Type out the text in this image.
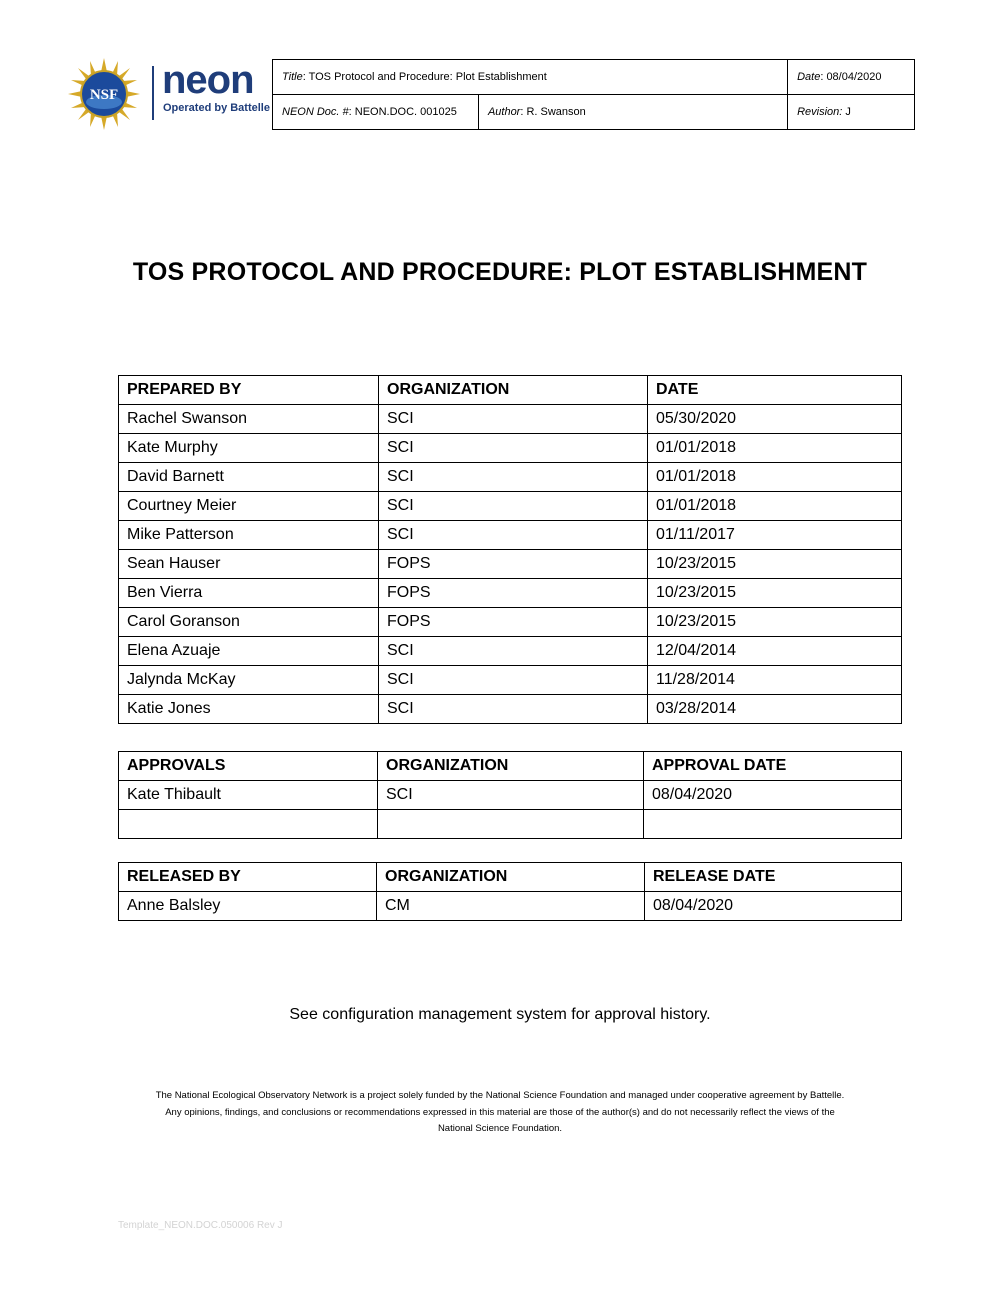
NSF neon
Operated by Battelle
Title: TOS Protocol and Procedure: Plot Establishment		Date: 08/04/2020
NEON Doc. #: NEON.DOC. 001025	Author: R. Swanson	Revision: J
TOS PROTOCOL AND PROCEDURE: PLOT ESTABLISHMENT
PREPARED BY	ORGANIZATION	DATE
Rachel Swanson	SCI	05/30/2020
Kate Murphy	SCI	01/01/2018
David Barnett	SCI	01/01/2018
Courtney Meier	SCI	01/01/2018
Mike Patterson	SCI	01/11/2017
Sean Hauser	FOPS	10/23/2015
Ben Vierra	FOPS	10/23/2015
Carol Goranson	FOPS	10/23/2015
Elena Azuaje	SCI	12/04/2014
Jalynda McKay	SCI	11/28/2014
Katie Jones	SCI	03/28/2014
APPROVALS	ORGANIZATION	APPROVAL DATE
Kate Thibault	SCI	08/04/2020

RELEASED BY	ORGANIZATION	RELEASE DATE
Anne Balsley	CM	08/04/2020
See configuration management system for approval history.
The National Ecological Observatory Network is a project solely funded by the National Science Foundation and managed under cooperative agreement by Battelle.
Any opinions, findings, and conclusions or recommendations expressed in this material are those of the author(s) and do not necessarily reflect the views of the
National Science Foundation.
Template_NEON.DOC.050006 Rev J
